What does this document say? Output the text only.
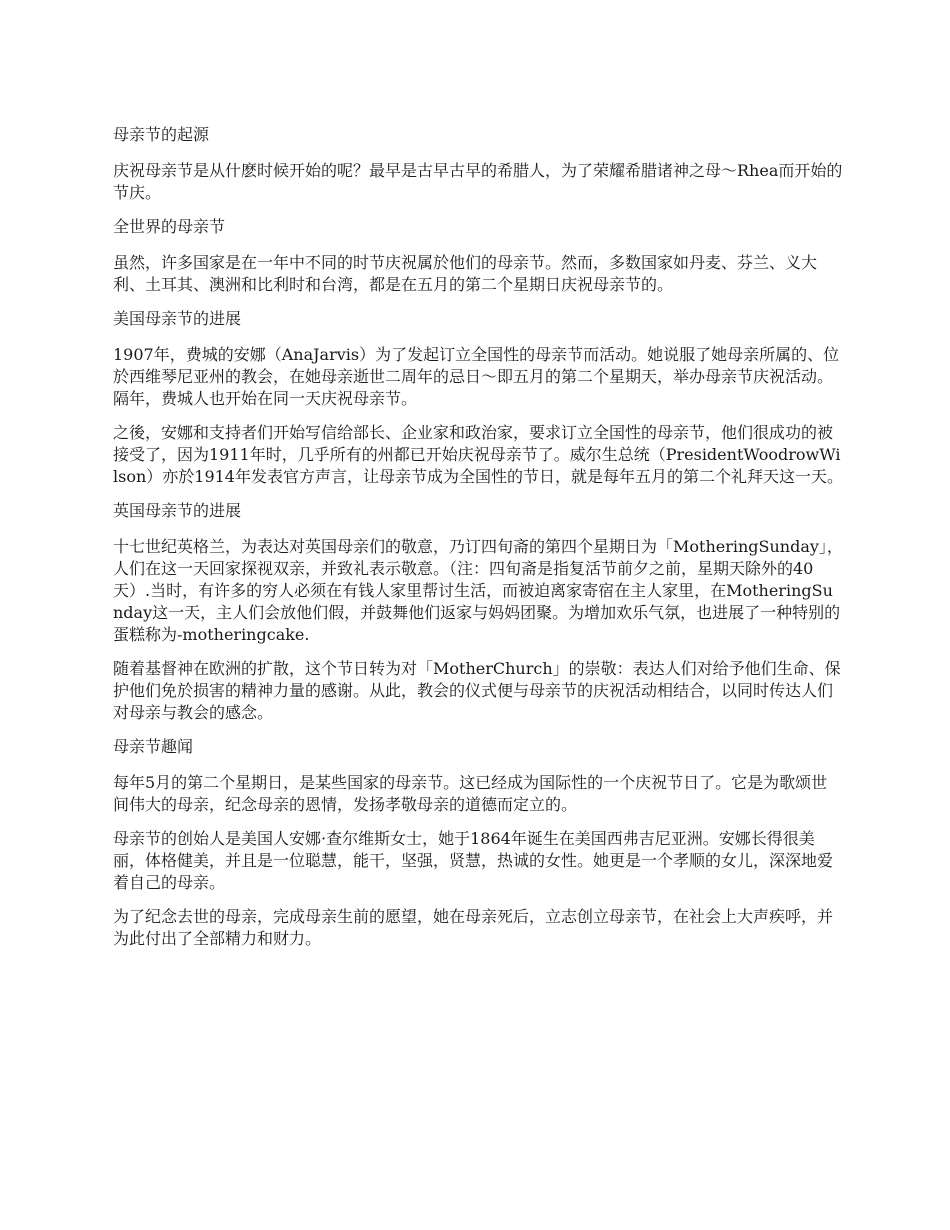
母亲节的起源

庆祝母亲节是从什麽时候开始的呢？最早是古早古早的希腊人，为了荣耀希腊诸神之母～Rhea而开始的节庆。

全世界的母亲节

虽然，许多国家是在一年中不同的时节庆祝属於他们的母亲节。然而，多数国家如丹麦、芬兰、义大利、土耳其、澳洲和比利时和台湾，都是在五月的第二个星期日庆祝母亲节的。

美国母亲节的进展

1907年，费城的安娜（AnaJarvis）为了发起订立全国性的母亲节而活动。她说服了她母亲所属的、位於西维琴尼亚州的教会，在她母亲逝世二周年的忌日～即五月的第二个星期天，举办母亲节庆祝活动。隔年，费城人也开始在同一天庆祝母亲节。

之後，安娜和支持者们开始写信给部长、企业家和政治家，要求订立全国性的母亲节，他们很成功的被接受了，因为1911年时，几乎所有的州都已开始庆祝母亲节了。威尔生总统（PresidentWoodrowWilson）亦於1914年发表官方声言，让母亲节成为全国性的节日，就是每年五月的第二个礼拜天这一天。

英国母亲节的进展

十七世纪英格兰，为表达对英国母亲们的敬意，乃订四旬斋的第四个星期日为「MotheringSunday」，人们在这一天回家探视双亲，并致礼表示敬意。（注：四旬斋是指复活节前夕之前，星期天除外的40天）.当时，有许多的穷人必须在有钱人家里帮讨生活，而被迫离家寄宿在主人家里，在MotheringSunday这一天，主人们会放他们假，并鼓舞他们返家与妈妈团聚。为增加欢乐气氛，也进展了一种特别的蛋糕称为-motheringcake.

随着基督神在欧洲的扩散，这个节日转为对「MotherChurch」的崇敬：表达人们对给予他们生命、保护他们免於损害的精神力量的感谢。从此，教会的仪式便与母亲节的庆祝活动相结合，以同时传达人们对母亲与教会的感念。

母亲节趣闻

每年5月的第二个星期日，是某些国家的母亲节。这已经成为国际性的一个庆祝节日了。它是为歌颂世间伟大的母亲，纪念母亲的恩情，发扬孝敬母亲的道德而定立的。

母亲节的创始人是美国人安娜·查尔维斯女士，她于1864年诞生在美国西弗吉尼亚洲。安娜长得很美丽，体格健美，并且是一位聪慧，能干，坚强，贤慧，热诚的女性。她更是一个孝顺的女儿，深深地爱着自己的母亲。

为了纪念去世的母亲，完成母亲生前的愿望，她在母亲死后，立志创立母亲节，在社会上大声疾呼，并为此付出了全部精力和财力。
